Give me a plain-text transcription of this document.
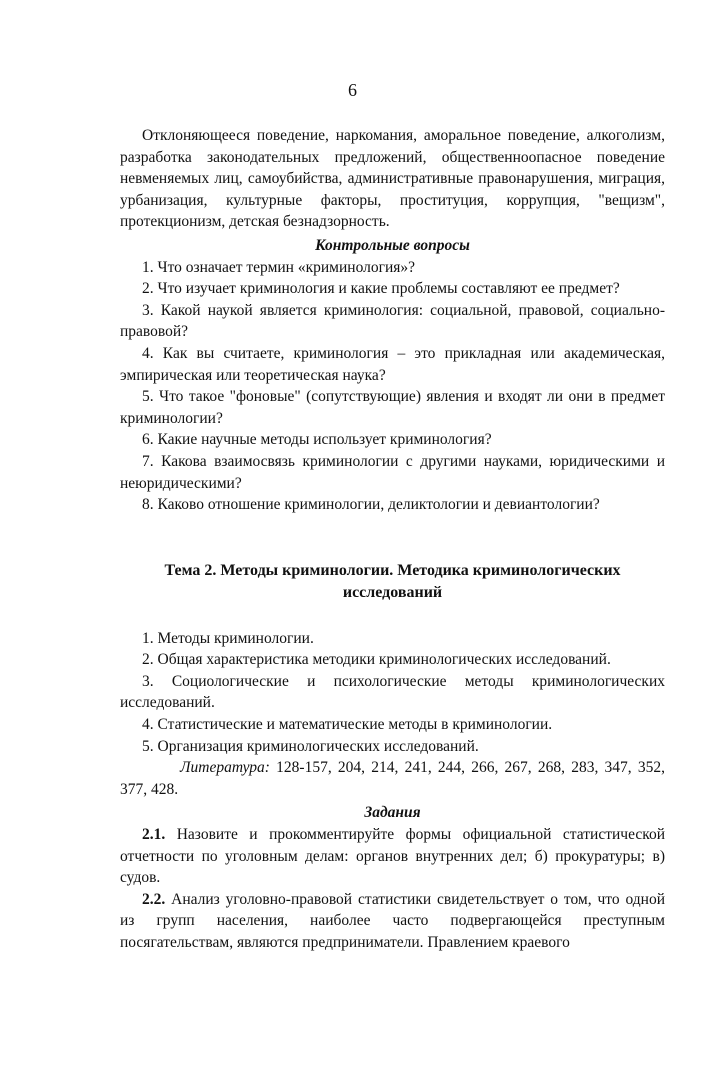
6

Отклоняющееся поведение, наркомания, аморальное поведение, алкоголизм, разработка законодательных предложений, общественноопасное поведение невменяемых лиц, самоубийства, административные правонарушения, миграция, урбанизация, культурные факторы, проституция, коррупция, "вещизм", протекционизм, детская безнадзорность.

Контрольные вопросы

1. Что означает термин «криминология»?

2. Что изучает криминология и какие проблемы составляют ее предмет?

3. Какой наукой является криминология: социальной, правовой, социально-правовой?

4. Как вы считаете, криминология – это прикладная или академическая, эмпирическая или теоретическая наука?

5. Что такое "фоновые" (сопутствующие) явления и входят ли они в предмет криминологии?

6. Какие научные методы использует криминология?

7. Какова взаимосвязь криминологии с другими науками, юридическими и неюридическими?

8. Каково отношение криминологии, деликтологии и девиантологии?

Тема 2. Методы криминологии. Методика криминологических исследований

1. Методы криминологии.

2. Общая характеристика методики криминологических исследований.

3. Социологические и психологические методы криминологических исследований.

4. Статистические и математические методы в криминологии.

5. Организация криминологических исследований.

Литература: 128-157, 204, 214, 241, 244, 266, 267, 268, 283, 347, 352, 377, 428.

Задания

2.1. Назовите и прокомментируйте формы официальной статистической отчетности по уголовным делам: органов внутренних дел; б) прокуратуры; в) судов.

2.2. Анализ уголовно-правовой статистики свидетельствует о том, что одной из групп населения, наиболее часто подвергающейся преступным посягательствам, являются предприниматели. Правлением краевого
